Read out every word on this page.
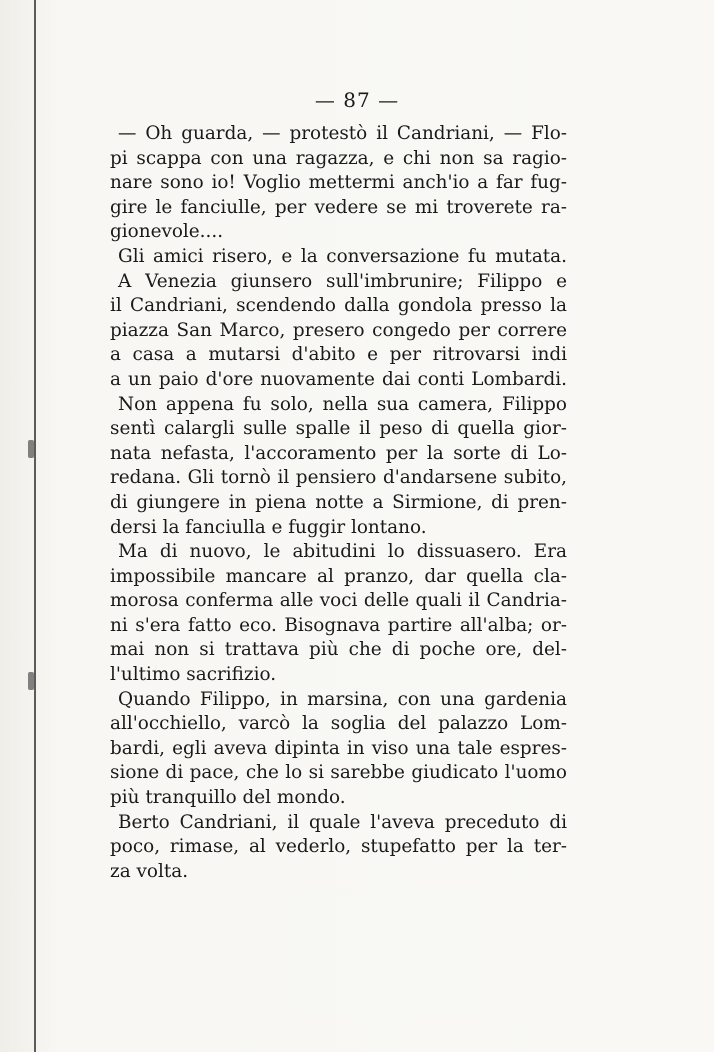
— 87 —
— Oh guarda, — protestò il Candriani, — Flo-
pi scappa con una ragazza, e chi non sa ragio-
nare sono io! Voglio mettermi anch'io a far fug-
gire le fanciulle, per vedere se mi troverete ra-
gionevole....
Gli amici risero, e la conversazione fu mutata.
A Venezia giunsero sull'imbrunire; Filippo e
il Candriani, scendendo dalla gondola presso la
piazza San Marco, presero congedo per correre
a casa a mutarsi d'abito e per ritrovarsi indi
a un paio d'ore nuovamente dai conti Lombardi.
Non appena fu solo, nella sua camera, Filippo
sentì calargli sulle spalle il peso di quella gior-
nata nefasta, l'accoramento per la sorte di Lo-
redana. Gli tornò il pensiero d'andarsene subito,
di giungere in piena notte a Sirmione, di pren-
dersi la fanciulla e fuggir lontano.
Ma di nuovo, le abitudini lo dissuasero. Era
impossibile mancare al pranzo, dar quella cla-
morosa conferma alle voci delle quali il Candria-
ni s'era fatto eco. Bisognava partire all'alba; or-
mai non si trattava più che di poche ore, del-
l'ultimo sacrifizio.
Quando Filippo, in marsina, con una gardenia
all'occhiello, varcò la soglia del palazzo Lom-
bardi, egli aveva dipinta in viso una tale espres-
sione di pace, che lo si sarebbe giudicato l'uomo
più tranquillo del mondo.
Berto Candriani, il quale l'aveva preceduto di
poco, rimase, al vederlo, stupefatto per la ter-
za volta.
